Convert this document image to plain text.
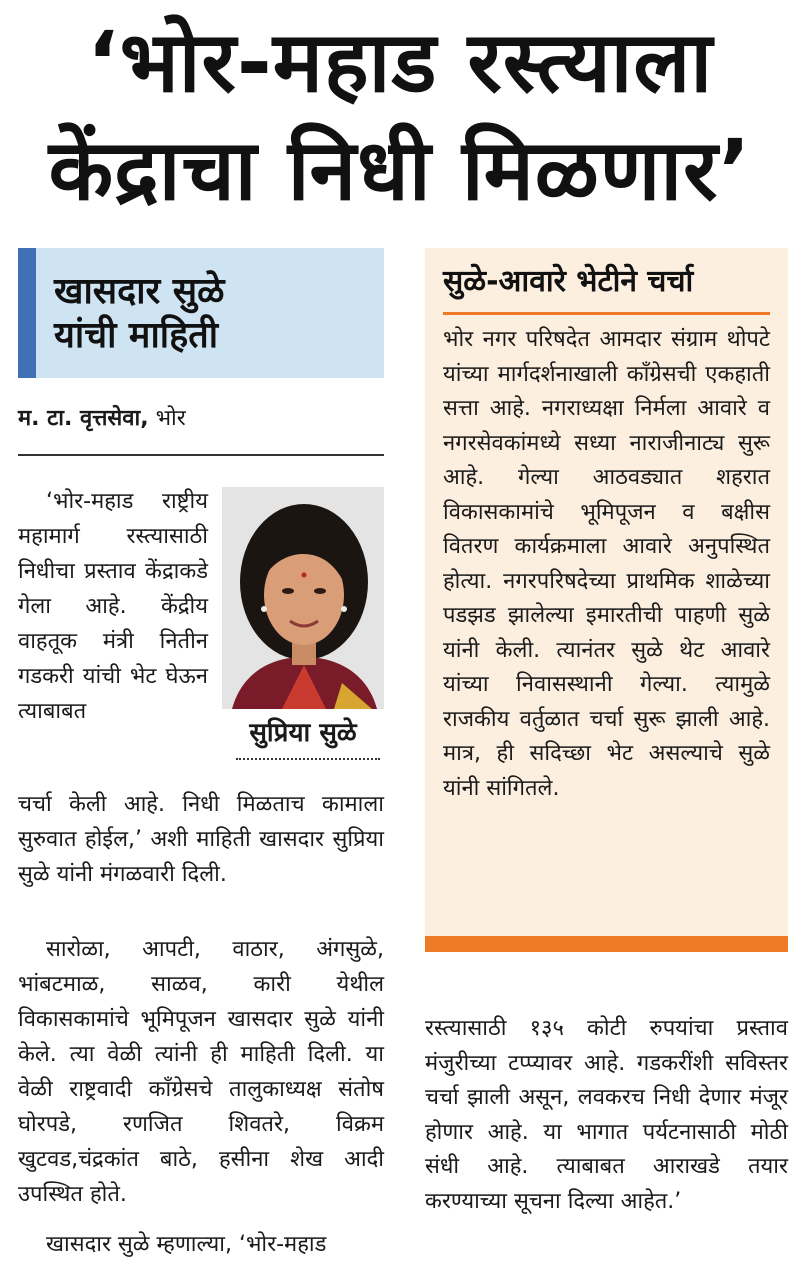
‘भोर-महाड रस्त्याला
केंद्राचा निधी मिळणार’
खासदार सुळे
यांची माहिती
म. टा. वृत्तसेवा, भोर
सुप्रिया सुळे

‘भोर-महाड राष्ट्रीय महामार्ग रस्त्यासाठी निधीचा प्रस्ताव केंद्राकडे गेला आहे. केंद्रीय वाहतूक मंत्री नितीन गडकरी यांची भेट घेऊन त्याबाबत

चर्चा केली आहे. निधी मिळताच कामाला सुरुवात होईल,’ अशी माहिती खासदार सुप्रिया सुळे यांनी मंगळवारी दिली.

सारोळा, आपटी, वाठार, अंगसुळे, भांबटमाळ, साळव, कारी येथील विकासकामांचे भूमिपूजन खासदार सुळे यांनी केले. त्या वेळी त्यांनी ही माहिती दिली. या वेळी राष्ट्रवादी काँग्रेसचे तालुकाध्यक्ष संतोष घोरपडे, रणजित शिवतरे, विक्रम खुटवड,चंद्रकांत बाठे, हसीना शेख आदी उपस्थित होते.

खासदार सुळे म्हणाल्या, ‘भोर-महाड

सुळे-आवारे भेटीने चर्चा

भोर नगर परिषदेत आमदार संग्राम थोपटे यांच्या मार्गदर्शनाखाली काँग्रेसची एकहाती सत्ता आहे. नगराध्यक्षा निर्मला आवारे व नगरसेवकांमध्ये सध्या नाराजीनाट्य सुरू आहे. गेल्या आठवड्यात शहरात विकासकामांचे भूमिपूजन व बक्षीस वितरण कार्यक्रमाला आवारे अनुपस्थित होत्या. नगरपरिषदेच्या प्राथमिक शाळेच्या पडझड झालेल्या इमारतीची पाहणी सुळे यांनी केली. त्यानंतर सुळे थेट आवारे यांच्या निवासस्थानी गेल्या. त्यामुळे राजकीय वर्तुळात चर्चा सुरू झाली आहे. मात्र, ही सदिच्छा भेट असल्याचे सुळे यांनी सांगितले.

रस्त्यासाठी १३५ कोटी रुपयांचा प्रस्ताव मंजुरीच्या टप्प्यावर आहे. गडकरींशी सविस्तर चर्चा झाली असून, लवकरच निधी देणार मंजूर होणार आहे. या भागात पर्यटनासाठी मोठी संधी आहे. त्याबाबत आराखडे तयार करण्याच्या सूचना दिल्या आहेत.’
